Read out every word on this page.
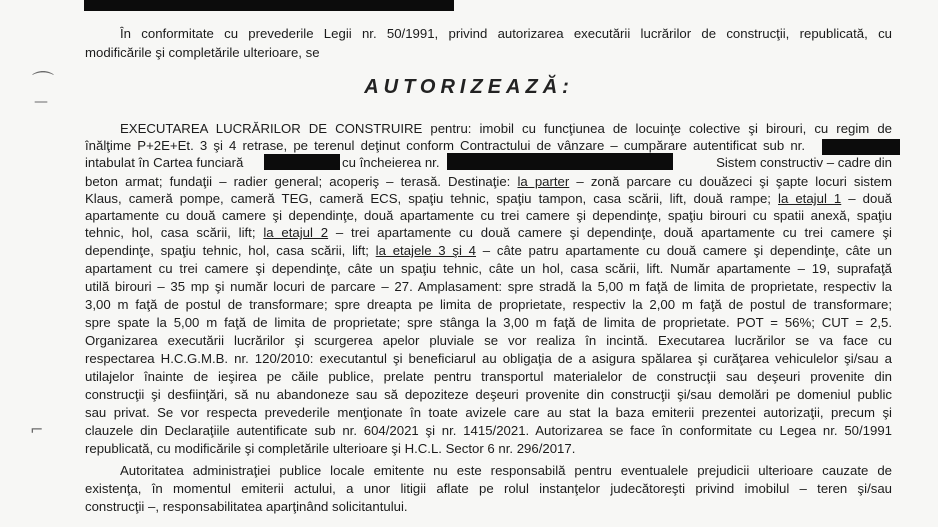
⌒
—
⌐
În conformitate cu prevederile Legii nr. 50/1991, privind autorizarea executării lucrărilor de construcţii, republicată, cu
modificările şi completările ulterioare, se
AUTORIZEAZĂ:
EXECUTAREA LUCRĂRILOR DE CONSTRUIRE pentru: imobil cu funcţiunea de locuinţe colective şi birouri, cu regim de
înălţime P+2E+Et. 3 şi 4 retrase, pe terenul deţinut conform Contractului de vânzare – cumpărare autentificat sub nr.
intabulat în Cartea funciară	cu încheierea nr.	Sistem constructiv – cadre din
beton armat; fundaţii – radier general; acoperiş – terasă. Destinaţie: la parter – zonă parcare cu douăzeci şi şapte locuri sistem
Klaus, cameră pompe, cameră TEG, cameră ECS, spaţiu tehnic, spaţiu tampon, casa scării, lift, două rampe; la etajul 1 – două
apartamente cu două camere şi dependinţe, două apartamente cu trei camere şi dependinţe, spaţiu birouri cu spatii anexă, spaţiu
tehnic, hol, casa scării, lift; la etajul 2 – trei apartamente cu două camere şi dependinţe, două apartamente cu trei camere şi
dependinţe, spaţiu tehnic, hol, casa scării, lift; la etajele 3 şi 4 – câte patru apartamente cu două camere şi dependinţe, câte un
apartament cu trei camere şi dependinţe, câte un spaţiu tehnic, câte un hol, casa scării, lift. Număr apartamente – 19, suprafaţă
utilă birouri – 35 mp şi număr locuri de parcare – 27. Amplasament: spre stradă la 5,00 m faţă de limita de proprietate, respectiv la
3,00 m faţă de postul de transformare; spre dreapta pe limita de proprietate, respectiv la 2,00 m faţă de postul de transformare;
spre spate la 5,00 m faţă de limita de proprietate; spre stânga la 3,00 m faţă de limita de proprietate. POT = 56%; CUT = 2,5.
Organizarea executării lucrărilor şi scurgerea apelor pluviale se vor realiza în incintă. Executarea lucrărilor se va face cu
respectarea H.C.G.M.B. nr. 120/2010: executantul şi beneficiarul au obligaţia de a asigura spălarea şi curăţarea vehiculelor şi/sau a
utilajelor înainte de ieşirea pe căile publice, prelate pentru transportul materialelor de construcţii sau deşeuri provenite din
construcţii şi desfiinţări, să nu abandoneze sau să depoziteze deşeuri provenite din construcţii şi/sau demolări pe domeniul public
sau privat. Se vor respecta prevederile menţionate în toate avizele care au stat la baza emiterii prezentei autorizaţii, precum şi
clauzele din Declaraţiile autentificate sub nr. 604/2021 şi nr. 1415/2021. Autorizarea se face în conformitate cu Legea nr. 50/1991
republicată, cu modificările şi completările ulterioare şi H.C.L. Sector 6 nr. 296/2017.
Autoritatea administraţiei publice locale emitente nu este responsabilă pentru eventualele prejudicii ulterioare cauzate de
existenţa, în momentul emiterii actului, a unor litigii aflate pe rolul instanţelor judecătoreşti privind imobilul – teren şi/sau
construcţii –, responsabilitatea aparţinând solicitantului.
